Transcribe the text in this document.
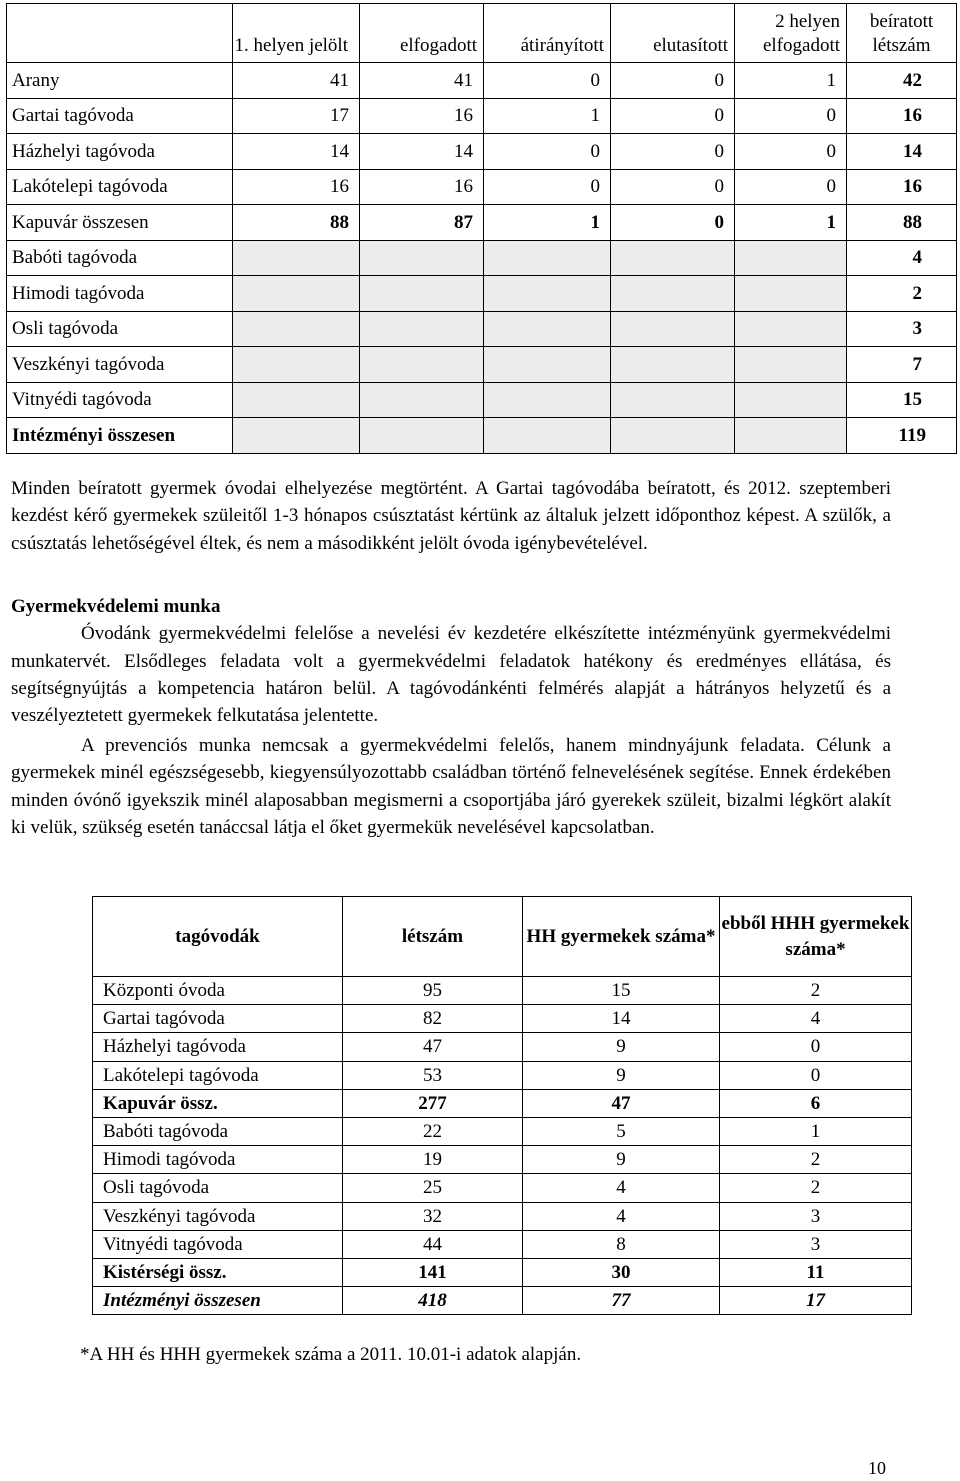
	1. helyen jelölt	elfogadott	átirányított	elutasított	2 helyen elfogadott	beíratott létszám
Arany	41	41	0	0	1	42
Gartai tagóvoda	17	16	1	0	0	16
Házhelyi tagóvoda	14	14	0	0	0	14
Lakótelepi tagóvoda	16	16	0	0	0	16
Kapuvár összesen	88	87	1	0	1	88
Babóti tagóvoda						4
Himodi tagóvoda						2
Osli tagóvoda						3
Veszkényi tagóvoda						7
Vitnyédi tagóvoda						15
Intézményi összesen						119

Minden beíratott gyermek óvodai elhelyezése megtörtént. A Gartai tagóvodába beíratott, és 2012. szeptemberi kezdést kérő gyermekek szüleitől 1-3 hónapos csúsztatást kértünk az általuk jelzett időponthoz képest. A szülők, a csúsztatás lehetőségével éltek, és nem a másodikként jelölt óvoda igénybevételével.

Gyermekvédelemi munka

Óvodánk gyermekvédelmi felelőse a nevelési év kezdetére elkészítette intézményünk gyermekvédelmi munkatervét. Elsődleges feladata volt a gyermekvédelmi feladatok hatékony és eredményes ellátása, és segítségnyújtás a kompetencia határon belül. A tagóvodánkénti felmérés alapját a hátrányos helyzetű és a veszélyeztetett gyermekek felkutatása jelentette.

A prevenciós munka nemcsak a gyermekvédelmi felelős, hanem mindnyájunk feladata. Célunk a gyermekek minél egészségesebb, kiegyensúlyozottabb családban történő felnevelésének segítése. Ennek érdekében minden óvónő igyekszik minél alaposabban megismerni a csoportjába járó gyerekek szüleit, bizalmi légkört alakít ki velük, szükség esetén tanáccsal látja el őket gyermekük nevelésével kapcsolatban.

tagóvodák	létszám	HH gyermekek száma*	ebből HHH gyermekek száma*
Központi óvoda	95	15	2
Gartai tagóvoda	82	14	4
Házhelyi tagóvoda	47	9	0
Lakótelepi tagóvoda	53	9	0
Kapuvár össz.	277	47	6
Babóti tagóvoda	22	5	1
Himodi tagóvoda	19	9	2
Osli tagóvoda	25	4	2
Veszkényi tagóvoda	32	4	3
Vitnyédi tagóvoda	44	8	3
Kistérségi össz.	141	30	11
Intézményi összesen	418	77	17
*A HH és HHH gyermekek száma a 2011. 10.01-i adatok alapján.
10
